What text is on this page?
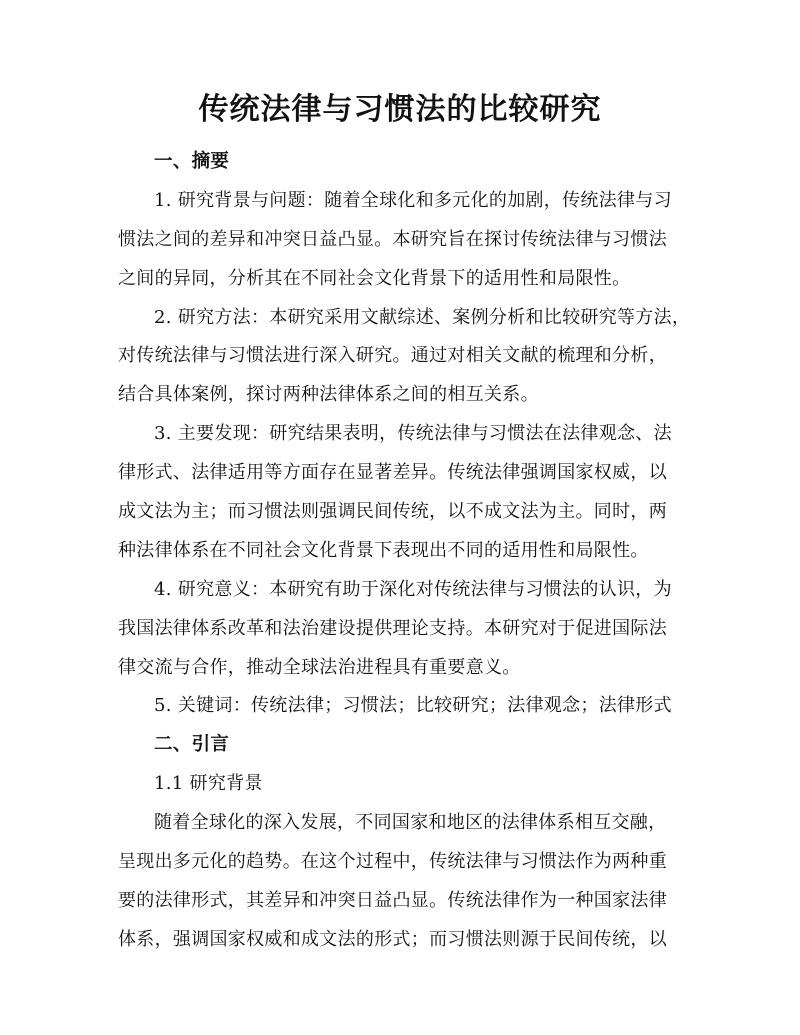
传统法律与习惯法的比较研究
一、摘要
1. 研究背景与问题：随着全球化和多元化的加剧，传统法律与习
惯法之间的差异和冲突日益凸显。本研究旨在探讨传统法律与习惯法
之间的异同，分析其在不同社会文化背景下的适用性和局限性。
2. 研究方法：本研究采用文献综述、案例分析和比较研究等方法，
对传统法律与习惯法进行深入研究。通过对相关文献的梳理和分析，
结合具体案例，探讨两种法律体系之间的相互关系。
3. 主要发现：研究结果表明，传统法律与习惯法在法律观念、法
律形式、法律适用等方面存在显著差异。传统法律强调国家权威，以
成文法为主；而习惯法则强调民间传统，以不成文法为主。同时，两
种法律体系在不同社会文化背景下表现出不同的适用性和局限性。
4. 研究意义：本研究有助于深化对传统法律与习惯法的认识，为
我国法律体系改革和法治建设提供理论支持。本研究对于促进国际法
律交流与合作，推动全球法治进程具有重要意义。
5. 关键词：传统法律；习惯法；比较研究；法律观念；法律形式
二、引言
1.1 研究背景
随着全球化的深入发展，不同国家和地区的法律体系相互交融，
呈现出多元化的趋势。在这个过程中，传统法律与习惯法作为两种重
要的法律形式，其差异和冲突日益凸显。传统法律作为一种国家法律
体系，强调国家权威和成文法的形式；而习惯法则源于民间传统，以
